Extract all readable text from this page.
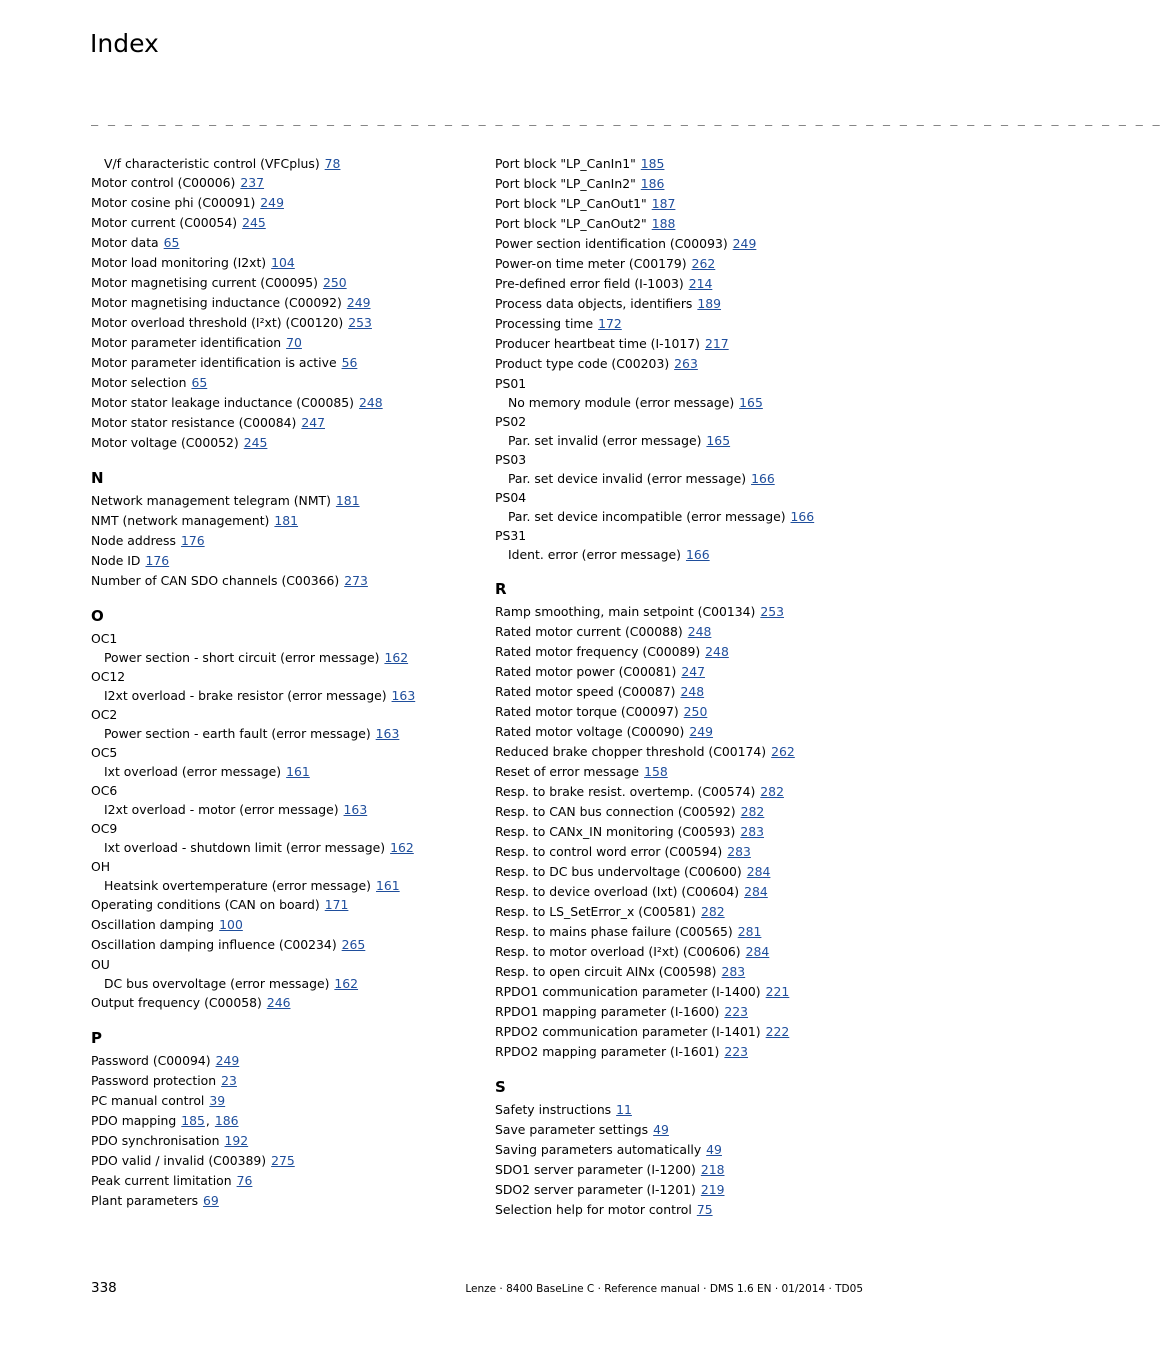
Index
_ _ _ _ _ _ _ _ _ _ _ _ _ _ _ _ _ _ _ _ _ _ _ _ _ _ _ _ _ _ _ _ _ _ _ _ _ _ _ _ _ _ _ _ _ _ _ _ _ _ _ _ _ _ _ _ _ _ _ _ _ _ _ _
V/f characteristic control (VFCplus) 78
Motor control (C00006) 237
Motor cosine phi (C00091) 249
Motor current (C00054) 245
Motor data 65
Motor load monitoring (I2xt) 104
Motor magnetising current (C00095) 250
Motor magnetising inductance (C00092) 249
Motor overload threshold (I²xt) (C00120) 253
Motor parameter identification 70
Motor parameter identification is active 56
Motor selection 65
Motor stator leakage inductance (C00085) 248
Motor stator resistance (C00084) 247
Motor voltage (C00052) 245
N
Network management telegram (NMT) 181
NMT (network management) 181
Node address 176
Node ID 176
Number of CAN SDO channels (C00366) 273
O
OC1
Power section - short circuit (error message) 162
OC12
I2xt overload - brake resistor (error message) 163
OC2
Power section - earth fault (error message) 163
OC5
Ixt overload (error message) 161
OC6
I2xt overload - motor (error message) 163
OC9
Ixt overload - shutdown limit (error message) 162
OH
Heatsink overtemperature (error message) 161
Operating conditions (CAN on board) 171
Oscillation damping 100
Oscillation damping influence (C00234) 265
OU
DC bus overvoltage (error message) 162
Output frequency (C00058) 246
P
Password (C00094) 249
Password protection 23
PC manual control 39
PDO mapping 185, 186
PDO synchronisation 192
PDO valid / invalid (C00389) 275
Peak current limitation 76
Plant parameters 69
Port block "LP_CanIn1" 185
Port block "LP_CanIn2" 186
Port block "LP_CanOut1" 187
Port block "LP_CanOut2" 188
Power section identification (C00093) 249
Power-on time meter (C00179) 262
Pre-defined error field (I-1003) 214
Process data objects, identifiers 189
Processing time 172
Producer heartbeat time (I-1017) 217
Product type code (C00203) 263
PS01
No memory module (error message) 165
PS02
Par. set invalid (error message) 165
PS03
Par. set device invalid (error message) 166
PS04
Par. set device incompatible (error message) 166
PS31
Ident. error (error message) 166
R
Ramp smoothing, main setpoint (C00134) 253
Rated motor current (C00088) 248
Rated motor frequency (C00089) 248
Rated motor power (C00081) 247
Rated motor speed (C00087) 248
Rated motor torque (C00097) 250
Rated motor voltage (C00090) 249
Reduced brake chopper threshold (C00174) 262
Reset of error message 158
Resp. to brake resist. overtemp. (C00574) 282
Resp. to CAN bus connection (C00592) 282
Resp. to CANx_IN monitoring (C00593) 283
Resp. to control word error (C00594) 283
Resp. to DC bus undervoltage (C00600) 284
Resp. to device overload (Ixt) (C00604) 284
Resp. to LS_SetError_x (C00581) 282
Resp. to mains phase failure (C00565) 281
Resp. to motor overload (I²xt) (C00606) 284
Resp. to open circuit AINx (C00598) 283
RPDO1 communication parameter (I-1400) 221
RPDO1 mapping parameter (I-1600) 223
RPDO2 communication parameter (I-1401) 222
RPDO2 mapping parameter (I-1601) 223
S
Safety instructions 11
Save parameter settings 49
Saving parameters automatically 49
SDO1 server parameter (I-1200) 218
SDO2 server parameter (I-1201) 219
Selection help for motor control 75
338	Lenze · 8400 BaseLine C · Reference manual · DMS 1.6 EN · 01/2014 · TD05
